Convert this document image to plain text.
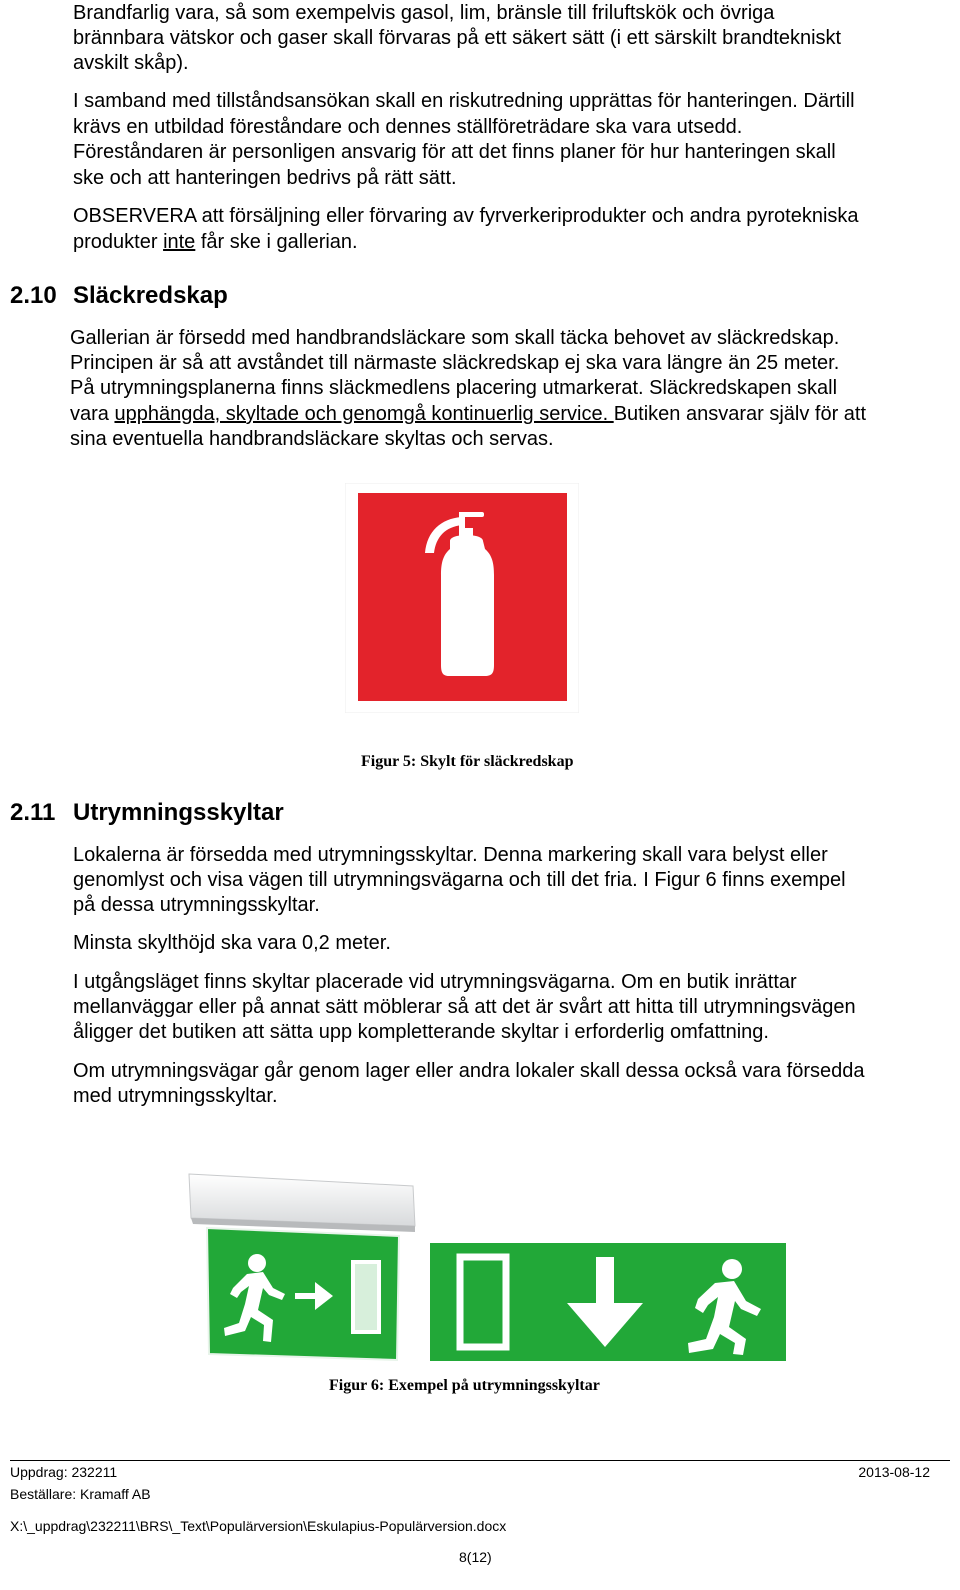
Brandfarlig vara, så som exempelvis gasol, lim, bränsle till friluftskök och övriga

brännbara vätskor och gaser skall förvaras på ett säkert sätt (i ett särskilt brandtekniskt

avskilt skåp).

I samband med tillståndsansökan skall en riskutredning upprättas för hanteringen. Därtill

krävs en utbildad föreståndare och dennes ställföreträdare ska vara utsedd.

Föreståndaren är personligen ansvarig för att det finns planer för hur hanteringen skall

ske och att hanteringen bedrivs på rätt sätt.

OBSERVERA att försäljning eller förvaring av fyrverkeriprodukter och andra pyrotekniska

produkter inte får ske i gallerian.

2.10 Släckredskap

Gallerian är försedd med handbrandsläckare som skall täcka behovet av släckredskap.

Principen är så att avståndet till närmaste släckredskap ej ska vara längre än 25 meter.

På utrymningsplanerna finns släckmedlens placering utmarkerat. Släckredskapen skall

vara upphängda, skyltade och genomgå kontinuerlig service. Butiken ansvarar själv för att

sina eventuella handbrandsläckare skyltas och servas.

Figur 5: Skylt för släckredskap
2.11 Utrymningsskyltar

Lokalerna är försedda med utrymningsskyltar. Denna markering skall vara belyst eller

genomlyst och visa vägen till utrymningsvägarna och till det fria. I Figur 6 finns exempel

på dessa utrymningsskyltar.

Minsta skylthöjd ska vara 0,2 meter.

I utgångsläget finns skyltar placerade vid utrymningsvägarna. Om en butik inrättar

mellanväggar eller på annat sätt möblerar så att det är svårt att hitta till utrymningsvägen

åligger det butiken att sätta upp kompletterande skyltar i erforderlig omfattning.

Om utrymningsvägar går genom lager eller andra lokaler skall dessa också vara försedda

med utrymningsskyltar.

Figur 6: Exempel på utrymningsskyltar
Uppdrag: 232211	2013-08-12
Beställare: Kramaff AB
X:\_uppdrag\232211\BRS\_Text\Populärversion\Eskulapius-Populärversion.docx
8(12)
